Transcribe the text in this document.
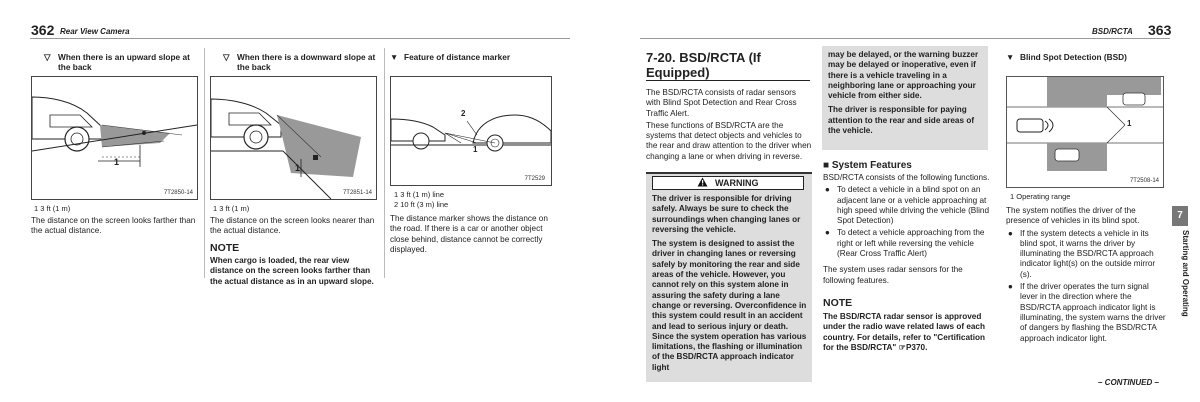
362 Rear View Camera
▽ When there is an upward slope at the back
1
7T2850-14
1 3 ft (1 m)
The distance on the screen looks farther than the actual distance.
▽ When there is a downward slope at the back
1
7T2851-14
1 3 ft (1 m)
The distance on the screen looks nearer than the actual distance.
NOTE
When cargo is loaded, the rear view distance on the screen looks farther than the actual distance as in an upward slope.
▼ Feature of distance marker
2
1
7T2529
1 3 ft (1 m) line
2 10 ft (3 m) line
The distance marker shows the distance on the road. If there is a car or another object close behind, distance cannot be correctly displayed.
BSD/RCTA 363
7-20. BSD/RCTA (If Equipped)

The BSD/RCTA consists of radar sensors with Blind Spot Detection and Rear Cross Traffic Alert.

These functions of BSD/RCTA are the systems that detect objects and vehicles to the rear and draw attention to the driver when changing a lane or when driving in reverse.

WARNING

The driver is responsible for driving safely. Always be sure to check the surroundings when changing lanes or reversing the vehicle.

The system is designed to assist the driver in changing lanes or reversing safely by monitoring the rear and side areas of the vehicle. However, you cannot rely on this system alone in assuring the safety during a lane change or reversing. Overconfidence in this system could result in an accident and lead to serious injury or death. Since the system operation has various limitations, the flashing or illumination of the BSD/RCTA approach indicator light

may be delayed, or the warning buzzer may be delayed or inoperative, even if there is a vehicle traveling in a neighboring lane or approaching your vehicle from either side.

The driver is responsible for paying attention to the rear and side areas of the vehicle.

■ System Features

BSD/RCTA consists of the following functions.

● To detect a vehicle in a blind spot on an adjacent lane or a vehicle approaching at high speed while driving the vehicle (Blind Spot Detection)
● To detect a vehicle approaching from the right or left while reversing the vehicle (Rear Cross Traffic Alert)

The system uses radar sensors for the following features.

NOTE
The BSD/RCTA radar sensor is approved under the radio wave related laws of each country. For details, refer to "Certification for the BSD/RCTA" ☞P370.
▼ Blind Spot Detection (BSD)
1
7T2508-14
1 Operating range

The system notifies the driver of the presence of vehicles in its blind spot.

● If the system detects a vehicle in its blind spot, it warns the driver by illuminating the BSD/RCTA approach indicator light(s) on the outside mirror (s).
● If the driver operates the turn signal lever in the direction where the BSD/RCTA approach indicator light is illuminating, the system warns the driver of dangers by flashing the BSD/RCTA approach indicator light.
7
Starting and Operating
– CONTINUED –
